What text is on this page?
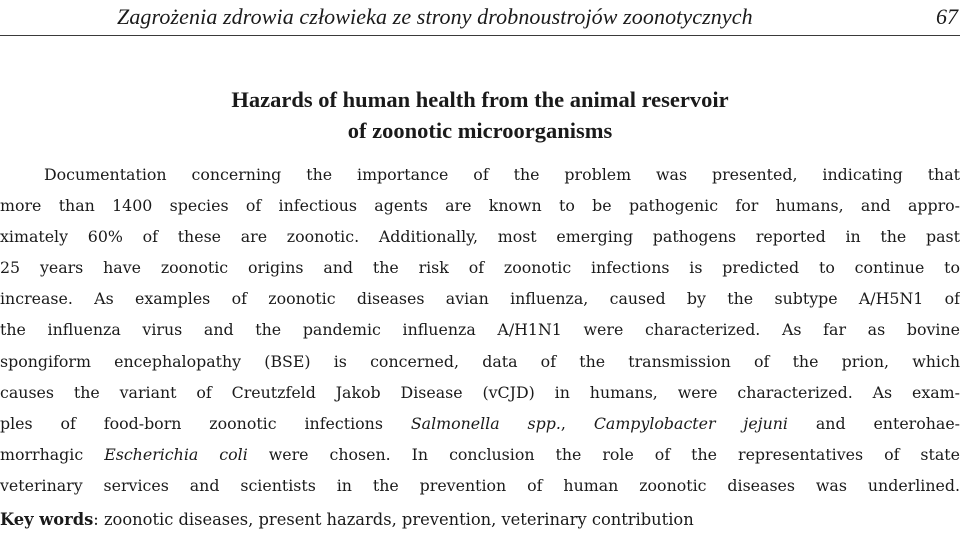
Zagrożenia zdrowia człowieka ze strony drobnoustrojów zoonotycznych	67
Hazards of human health from the animal reservoir
of zoonotic microorganisms
Documentation concerning the importance of the problem was presented, indicating that
more than 1400 species of infectious agents are known to be pathogenic for humans, and appro-
ximately 60% of these are zoonotic. Additionally, most emerging pathogens reported in the past
25 years have zoonotic origins and the risk of zoonotic infections is predicted to continue to
increase. As examples of zoonotic diseases avian influenza, caused by the subtype A/H5N1 of
the influenza virus and the pandemic influenza A/H1N1 were characterized. As far as bovine
spongiform encephalopathy (BSE) is concerned, data of the transmission of the prion, which
causes the variant of Creutzfeld Jakob Disease (vCJD) in humans, were characterized. As exam-
ples of food-born zoonotic infections Salmonella spp., Campylobacter jejuni and enterohae-
morrhagic Escherichia coli were chosen. In conclusion the role of the representatives of state
veterinary services and scientists in the prevention of human zoonotic diseases was underlined.
Key words: zoonotic diseases, present hazards, prevention, veterinary contribution
